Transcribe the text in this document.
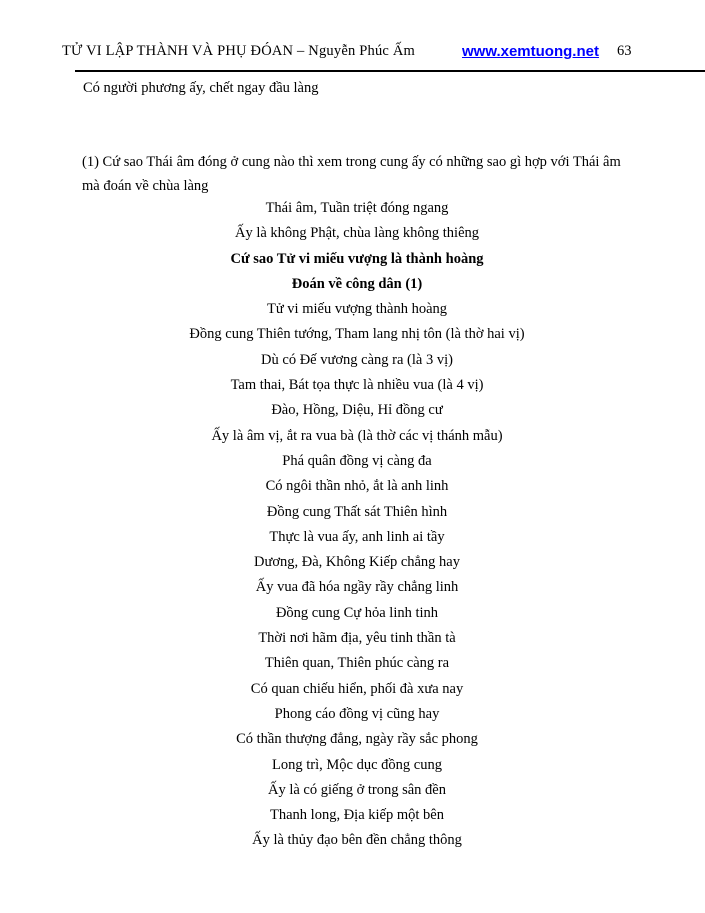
TỬ VI LẬP THÀNH VÀ PHỤ ĐÓAN – Nguyễn Phúc Ấm	www.xemtuong.net 63
Có người phương ấy, chết ngay đầu làng
(1) Cứ sao Thái âm đóng ở cung nào thì xem trong cung ấy có những sao gì hợp với Thái âm mà đoán về chùa làng
Thái âm, Tuần triệt đóng ngang
Ấy là không Phật, chùa làng không thiêng
Cứ sao Tử vi miếu vượng là thành hoàng
Đoán về công dân (1)
Tử vi miếu vượng thành hoàng
Đồng cung Thiên tướng, Tham lang nhị tôn (là thờ hai vị)
Dù có Đế vương càng ra (là 3 vị)
Tam thai, Bát tọa thực là nhiều vua (là 4 vị)
Đào, Hồng, Diệu, Hỉ đồng cư
Ấy là âm vị, ắt ra vua bà (là thờ các vị thánh mẫu)
Phá quân đồng vị càng đa
Có ngôi thần nhỏ, ắt là anh linh
Đồng cung Thất sát Thiên hình
Thực là vua ấy, anh linh ai tầy
Dương, Đà, Không Kiếp chẳng hay
Ấy vua đã hóa ngầy rầy chẳng linh
Đồng cung Cự hỏa linh tinh
Thời nơi hãm địa, yêu tinh thần tà
Thiên quan, Thiên phúc càng ra
Có quan chiếu hiển, phối đà xưa nay
Phong cáo đồng vị cũng hay
Có thần thượng đẳng, ngày rầy sắc phong
Long trì, Mộc dục đồng cung
Ấy là có giếng ở trong sân đền
Thanh long, Địa kiếp một bên
Ấy là thủy đạo bên đền chẳng thông
